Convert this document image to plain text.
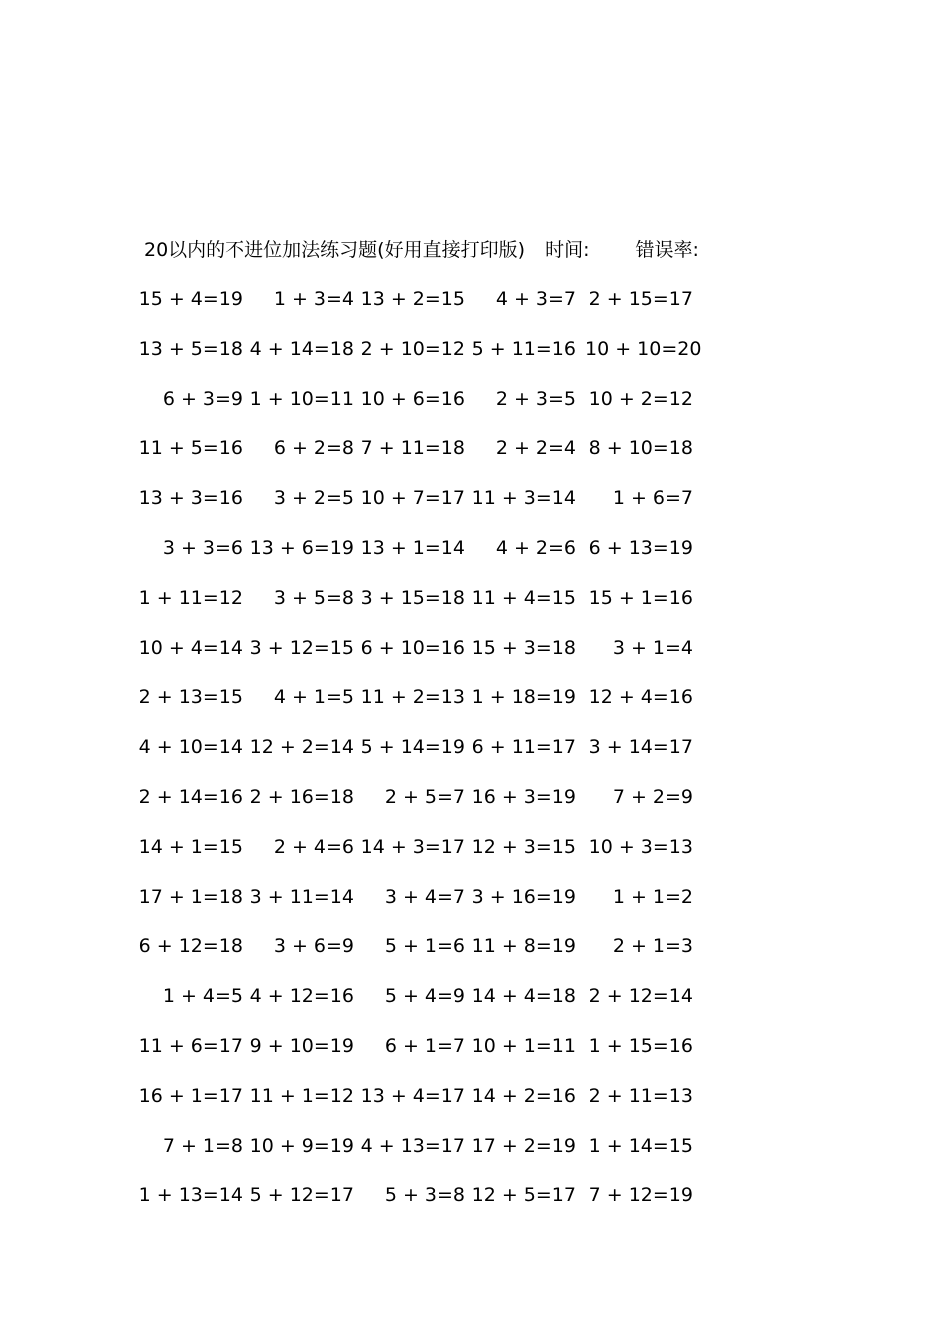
20以内的不进位加法练习题(好用直接打印版) 时间: 错误率:
15 + 4=19	1 + 3=4 13 + 2=15	4 + 3=7 2 + 15=17
13 + 5=18 4 + 14=18 2 + 10=12 5 + 11=16 10 + 10=20
6 + 3=9 1 + 10=11 10 + 6=16	2 + 3=5 10 + 2=12
11 + 5=16	6 + 2=8 7 + 11=18	2 + 2=4 8 + 10=18
13 + 3=16	3 + 2=5 10 + 7=17 11 + 3=14	1 + 6=7
3 + 3=6 13 + 6=19 13 + 1=14	4 + 2=6 6 + 13=19
1 + 11=12	3 + 5=8 3 + 15=18 11 + 4=15 15 + 1=16
10 + 4=14 3 + 12=15 6 + 10=16 15 + 3=18	3 + 1=4
2 + 13=15	4 + 1=5 11 + 2=13 1 + 18=19 12 + 4=16
4 + 10=14 12 + 2=14 5 + 14=19 6 + 11=17 3 + 14=17
2 + 14=16 2 + 16=18	2 + 5=7 16 + 3=19	7 + 2=9
14 + 1=15	2 + 4=6 14 + 3=17 12 + 3=15 10 + 3=13
17 + 1=18 3 + 11=14	3 + 4=7 3 + 16=19	1 + 1=2
6 + 12=18	3 + 6=9	5 + 1=6 11 + 8=19	2 + 1=3
1 + 4=5 4 + 12=16	5 + 4=9 14 + 4=18 2 + 12=14
11 + 6=17 9 + 10=19	6 + 1=7 10 + 1=11 1 + 15=16
16 + 1=17 11 + 1=12 13 + 4=17 14 + 2=16 2 + 11=13
7 + 1=8 10 + 9=19 4 + 13=17 17 + 2=19 1 + 14=15
1 + 13=14 5 + 12=17	5 + 3=8 12 + 5=17 7 + 12=19
